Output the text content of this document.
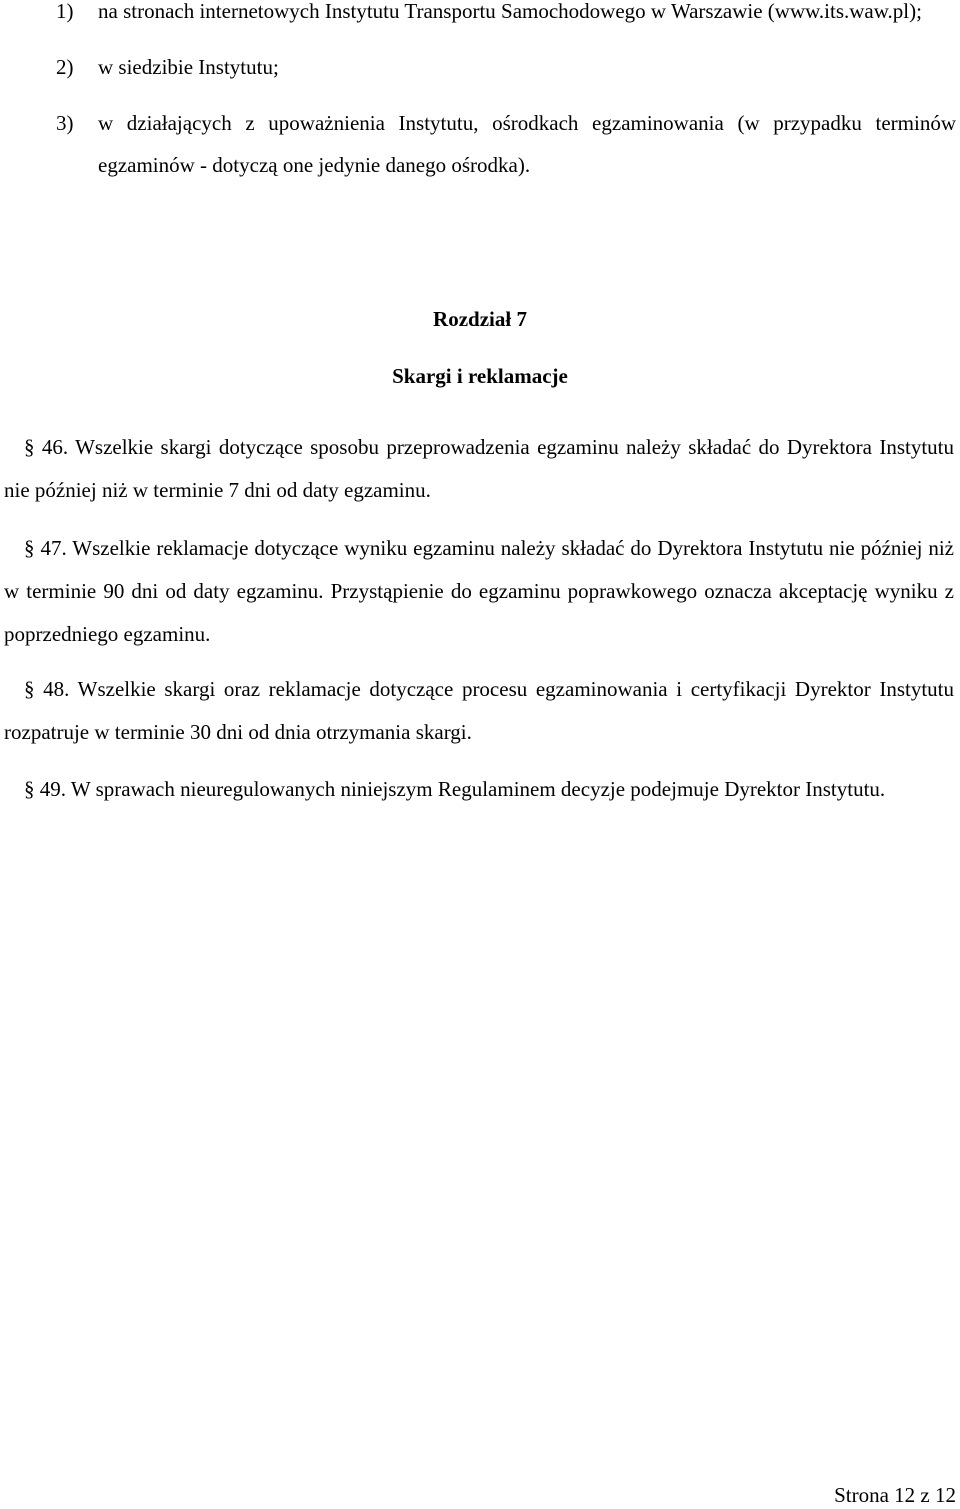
1) na stronach internetowych Instytutu Transportu Samochodowego w Warszawie (www.its.waw.pl);
2) w siedzibie Instytutu;
3) w działających z upoważnienia Instytutu, ośrodkach egzaminowania (w przypadku terminów egzaminów - dotyczą one jedynie danego ośrodka).
Rozdział 7
Skargi i reklamacje
§ 46. Wszelkie skargi dotyczące sposobu przeprowadzenia egzaminu należy składać do Dyrektora Instytutu nie później niż w terminie 7 dni od daty egzaminu.
§ 47. Wszelkie reklamacje dotyczące wyniku egzaminu należy składać do Dyrektora Instytutu nie później niż w terminie 90 dni od daty egzaminu. Przystąpienie do egzaminu poprawkowego oznacza akceptację wyniku z poprzedniego egzaminu.
§ 48. Wszelkie skargi oraz reklamacje dotyczące procesu egzaminowania i certyfikacji Dyrektor Instytutu rozpatruje w terminie 30 dni od dnia otrzymania skargi.
§ 49. W sprawach nieuregulowanych niniejszym Regulaminem decyzje podejmuje Dyrektor Instytutu.
Strona 12 z 12
